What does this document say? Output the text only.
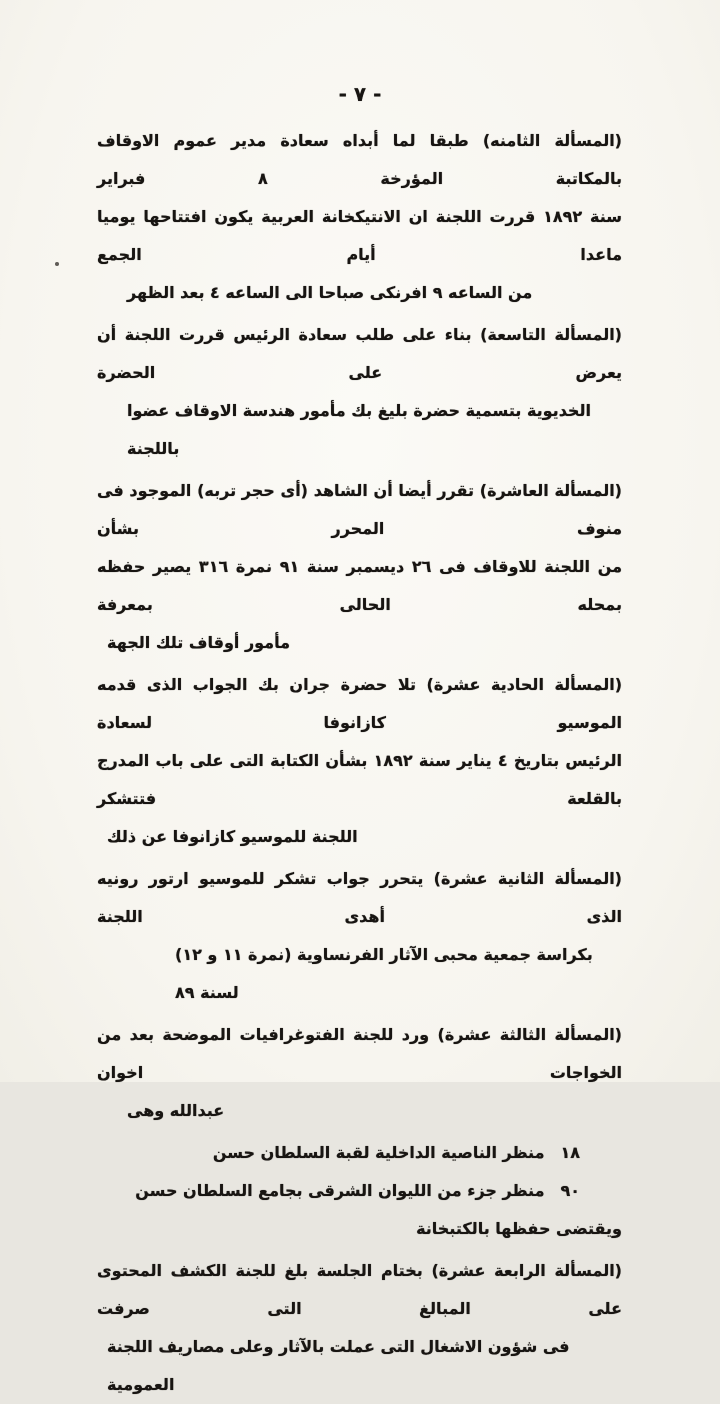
- ٧ -

(المسألة الثامنه) طبقا لما أبداه سعادة مدير عموم الاوقاف بالمكاتبة المؤرخة ٨ فبراير
سنة ١٨٩٢ قررت اللجنة ان الانتيكخانة العربية يكون افتتاحها يوميا ماعدا أيام الجمع
من الساعه ٩ افرنكى صباحا الى الساعه ٤ بعد الظهر

(المسألة التاسعة) بناء على طلب سعادة الرئيس قررت اللجنة أن يعرض على الحضرة
الخديوية بتسمية حضرة بليغ بك مأمور هندسة الاوقاف عضوا باللجنة

(المسألة العاشرة) تقرر أيضا أن الشاهد (أى حجر تربه) الموجود فى منوف المحرر بشأن
من اللجنة للاوقاف فى ٢٦ ديسمبر سنة ٩١ نمرة ٣١٦ يصير حفظه بمحله الحالى بمعرفة
مأمور أوقاف تلك الجهة

(المسألة الحادية عشرة) تلا حضرة جران بك الجواب الذى قدمه الموسيو كازانوفا لسعادة
الرئيس بتاريخ ٤ يناير سنة ١٨٩٢ بشأن الكتابة التى على باب المدرج بالقلعة فتتشكر
اللجنة للموسيو كازانوفا عن ذلك

(المسألة الثانية عشرة) يتحرر جواب تشكر للموسيو ارتور رونيه الذى أهدى اللجنة
بكراسة جمعية محبى الآثار الفرنساوية (نمرة ١١ و ١٢) لسنة ٨٩

(المسألة الثالثة عشرة) ورد للجنة الفتوغرافيات الموضحة بعد من الخواجات اخوان
عبدالله وهى

١٨
منظر الناصية الداخلية لقبة السلطان حسن
٩٠
منظر جزء من الليوان الشرقى بجامع السلطان حسن
ويقتضى حفظها بالكتبخانة

(المسألة الرابعة عشرة) بختام الجلسة بلغ للجنة الكشف المحتوى على المبالغ التى صرفت
فى شؤون الاشغال التى عملت بالآثار وعلى مصاريف اللجنة العمومية
